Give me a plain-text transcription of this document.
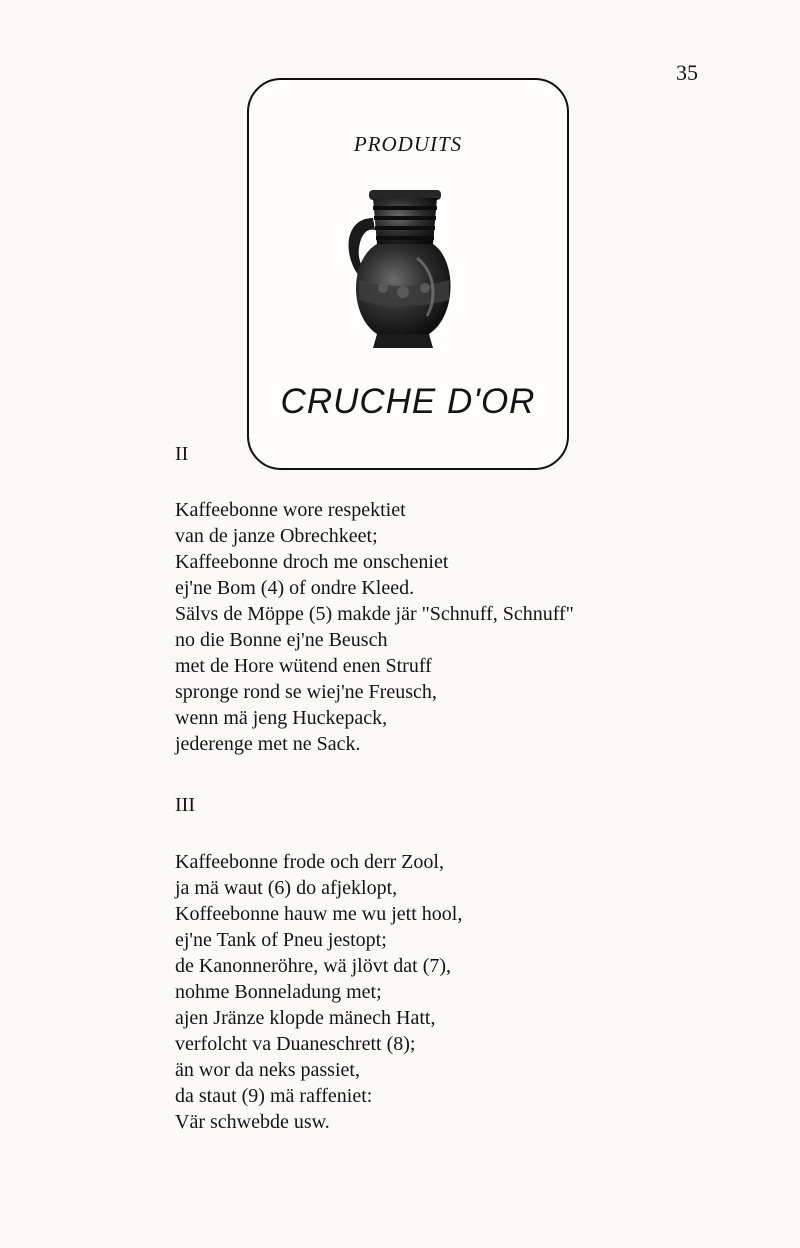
35
PRODUITS
CRUCHE D'OR
II
Kaffeebonne wore respektiet
van de janze Obrechkeet;
Kaffeebonne droch me onscheniet
ej'ne Bom (4) of ondre Kleed.
Sälvs de Möppe (5) makde jär "Schnuff, Schnuff"
no die Bonne ej'ne Beusch
met de Hore wütend enen Struff
spronge rond se wiej'ne Freusch,
wenn mä jeng Huckepack,
jederenge met ne Sack.
III
Kaffeebonne frode och derr Zool,
ja mä waut (6) do afjeklopt,
Koffeebonne hauw me wu jett hool,
ej'ne Tank of Pneu jestopt;
de Kanonneröhre, wä jlövt dat (7),
nohme Bonneladung met;
ajen Jränze klopde mänech Hatt,
verfolcht va Duaneschrett (8);
än wor da neks passiet,
da staut (9) mä raffeniet:
Vär schwebde usw.
